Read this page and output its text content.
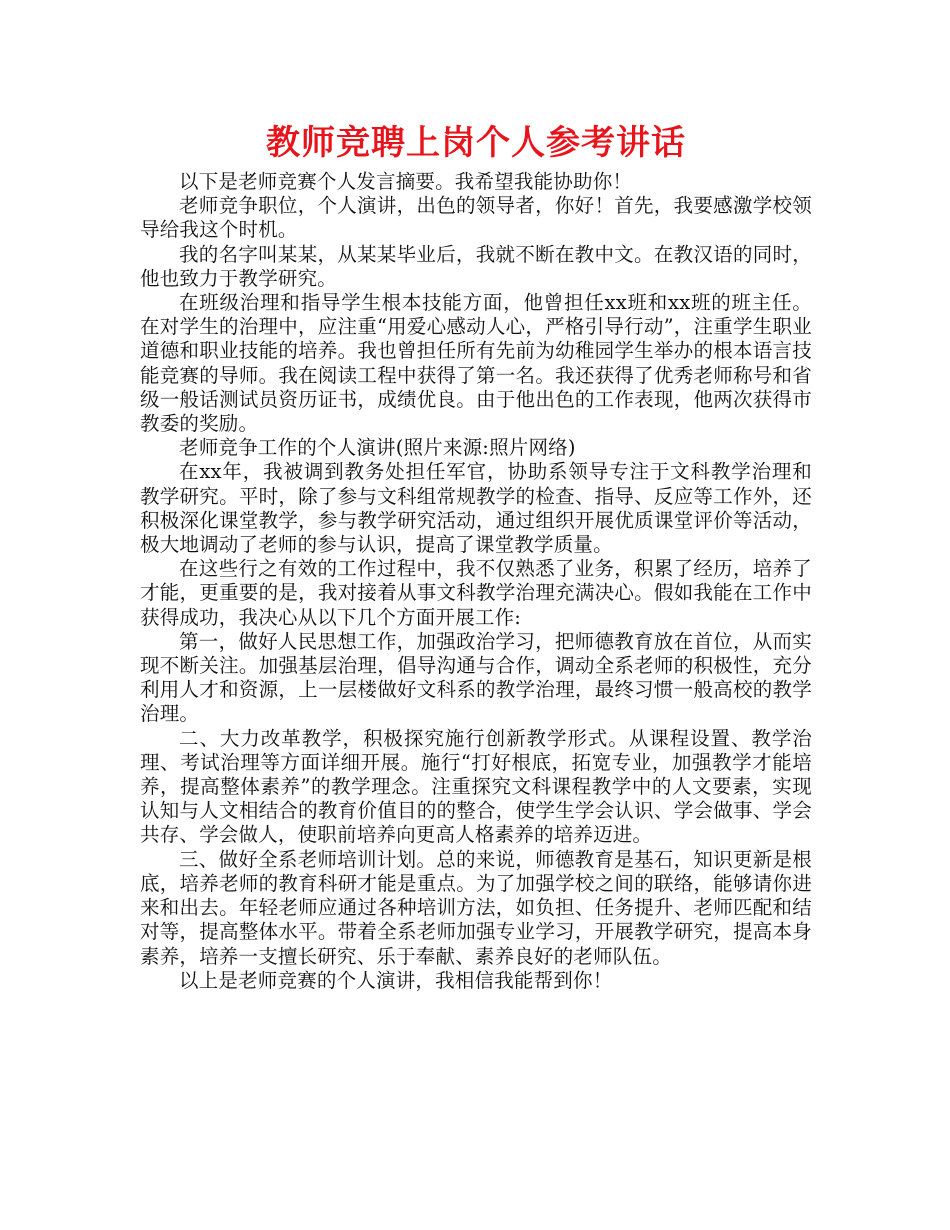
教师竞聘上岗个人参考讲话

以下是老师竞赛个人发言摘要。我希望我能协助你！

老师竞争职位，个人演讲，出色的领导者，你好！首先，我要感激学校领导给我这个时机。

我的名字叫某某，从某某毕业后，我就不断在教中文。在教汉语的同时，他也致力于教学研究。

在班级治理和指导学生根本技能方面，他曾担任xx班和xx班的班主任。在对学生的治理中，应注重“用爱心感动人心，严格引导行动”，注重学生职业道德和职业技能的培养。我也曾担任所有先前为幼稚园学生举办的根本语言技能竞赛的导师。我在阅读工程中获得了第一名。我还获得了优秀老师称号和省级一般话测试员资历证书，成绩优良。由于他出色的工作表现，他两次获得市教委的奖励。

老师竞争工作的个人演讲(照片来源:照片网络)

在xx年，我被调到教务处担任军官，协助系领导专注于文科教学治理和教学研究。平时，除了参与文科组常规教学的检查、指导、反应等工作外，还积极深化课堂教学，参与教学研究活动，通过组织开展优质课堂评价等活动，极大地调动了老师的参与认识，提高了课堂教学质量。

在这些行之有效的工作过程中，我不仅熟悉了业务，积累了经历，培养了才能，更重要的是，我对接着从事文科教学治理充满决心。假如我能在工作中获得成功，我决心从以下几个方面开展工作:

第一，做好人民思想工作，加强政治学习，把师德教育放在首位，从而实现不断关注。加强基层治理，倡导沟通与合作，调动全系老师的积极性，充分利用人才和资源，上一层楼做好文科系的教学治理，最终习惯一般高校的教学治理。

二、大力改革教学，积极探究施行创新教学形式。从课程设置、教学治理、考试治理等方面详细开展。施行“打好根底，拓宽专业，加强教学才能培养，提高整体素养”的教学理念。注重探究文科课程教学中的人文要素，实现认知与人文相结合的教育价值目的的整合，使学生学会认识、学会做事、学会共存、学会做人，使职前培养向更高人格素养的培养迈进。

三、做好全系老师培训计划。总的来说，师德教育是基石，知识更新是根底，培养老师的教育科研才能是重点。为了加强学校之间的联络，能够请你进来和出去。年轻老师应通过各种培训方法，如负担、任务提升、老师匹配和结对等，提高整体水平。带着全系老师加强专业学习，开展教学研究，提高本身素养，培养一支擅长研究、乐于奉献、素养良好的老师队伍。

以上是老师竞赛的个人演讲，我相信我能帮到你！
